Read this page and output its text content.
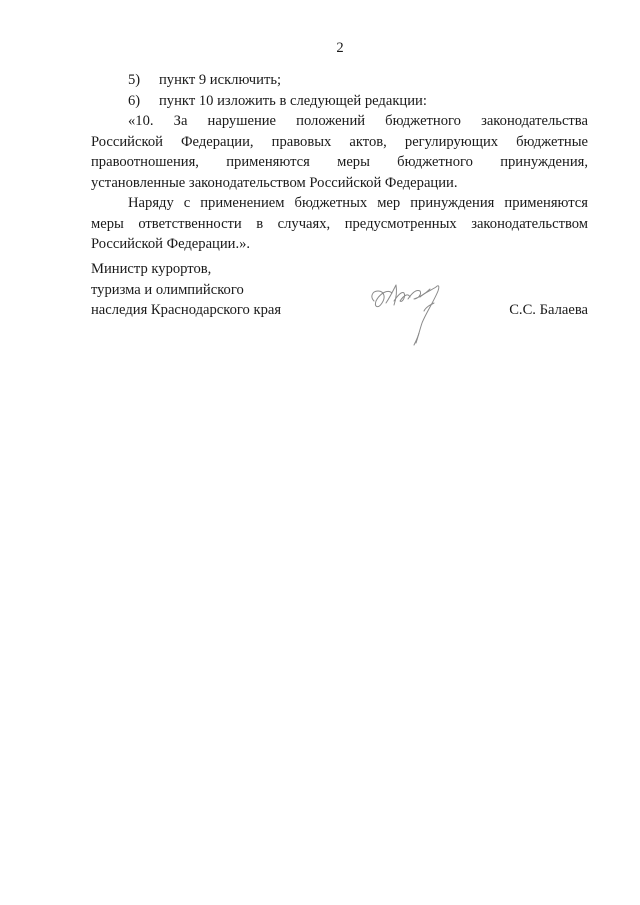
2
5) пункт 9 исключить;
6) пункт 10 изложить в следующей редакции:
«10. За нарушение положений бюджетного законодательства
Российской Федерации, правовых актов, регулирующих бюджетные
правоотношения, применяются меры бюджетного принуждения,
установленные законодательством Российской Федерации.
Наряду с применением бюджетных мер принуждения применяются
меры ответственности в случаях, предусмотренных законодательством
Российской Федерации.».
Министр курортов,
туризма и олимпийского
наследия Краснодарского края	С.С. Балаева
